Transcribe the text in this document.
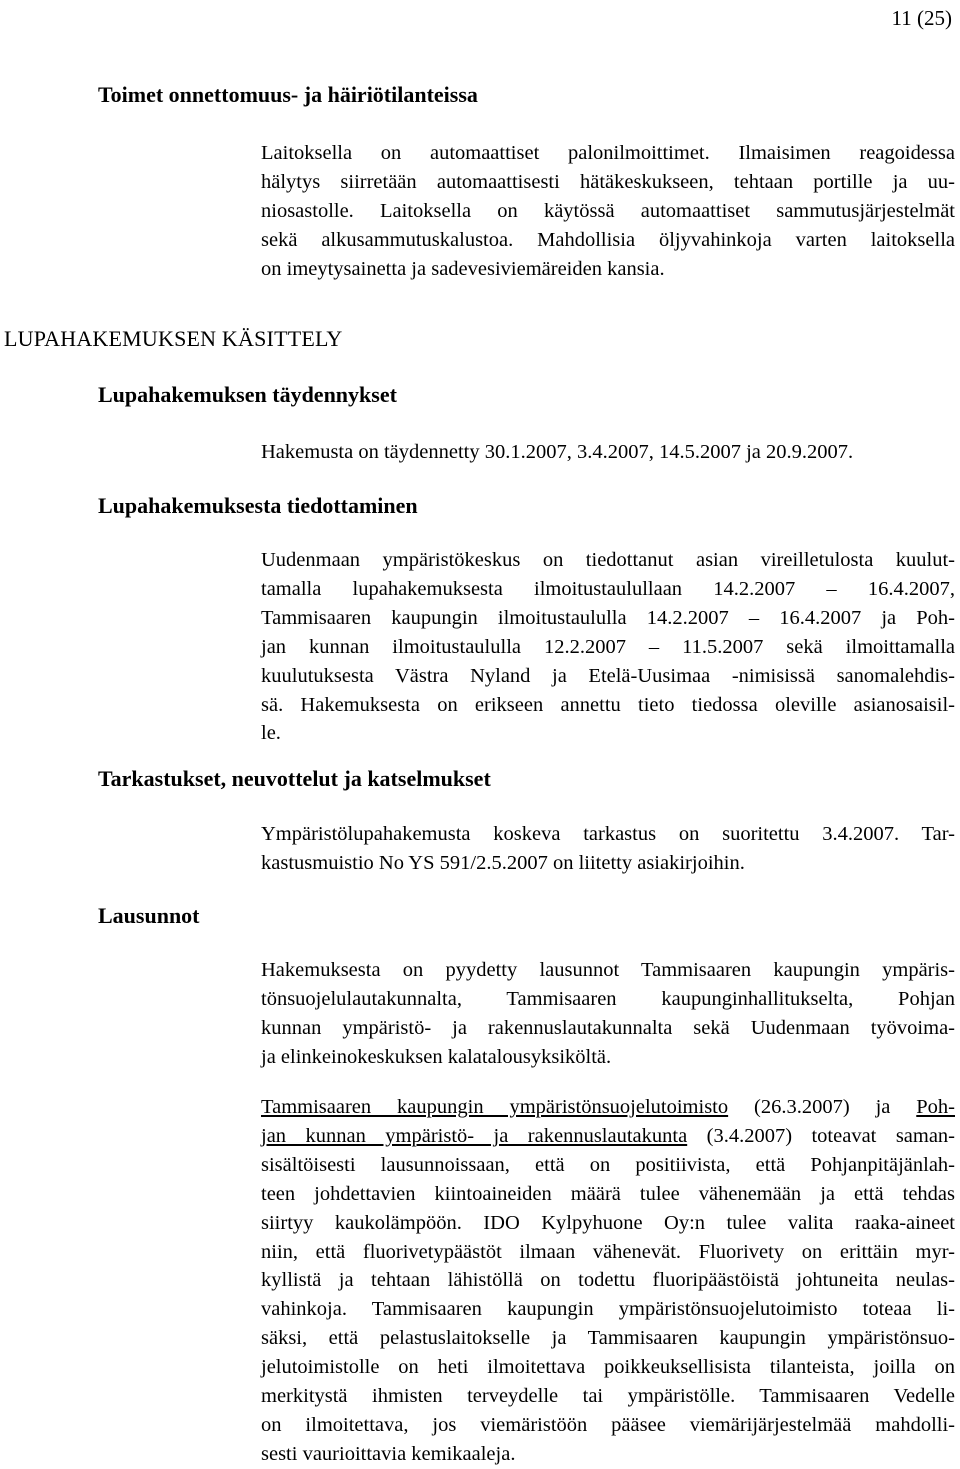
11 (25)
Toimet onnettomuus- ja häiriötilanteissa
Laitoksella on automaattiset palonilmoittimet. Ilmaisimen reagoidessa
hälytys siirretään automaattisesti hätäkeskukseen, tehtaan portille ja uu-
niosastolle. Laitoksella on käytössä automaattiset sammutusjärjestelmät
sekä alkusammutuskalustoa. Mahdollisia öljyvahinkoja varten laitoksella
on imeytysainetta ja sadevesiviemäreiden kansia.
LUPAHAKEMUKSEN KÄSITTELY
Lupahakemuksen täydennykset
Hakemusta on täydennetty 30.1.2007, 3.4.2007, 14.5.2007 ja 20.9.2007.
Lupahakemuksesta tiedottaminen
Uudenmaan ympäristökeskus on tiedottanut asian vireilletulosta kuulut-
tamalla lupahakemuksesta ilmoitustaulullaan 14.2.2007 – 16.4.2007,
Tammisaaren kaupungin ilmoitustaululla 14.2.2007 – 16.4.2007 ja Poh-
jan kunnan ilmoitustaululla 12.2.2007 – 11.5.2007 sekä ilmoittamalla
kuulutuksesta Västra Nyland ja Etelä-Uusimaa -nimisissä sanomalehdis-
sä. Hakemuksesta on erikseen annettu tieto tiedossa oleville asianosaisil-
le.
Tarkastukset, neuvottelut ja katselmukset
Ympäristölupahakemusta koskeva tarkastus on suoritettu 3.4.2007. Tar-
kastusmuistio No YS 591/2.5.2007 on liitetty asiakirjoihin.
Lausunnot
Hakemuksesta on pyydetty lausunnot Tammisaaren kaupungin ympäris-
tönsuojelulautakunnalta, Tammisaaren kaupunginhallitukselta, Pohjan
kunnan ympäristö- ja rakennuslautakunnalta sekä Uudenmaan työvoima-
ja elinkeinokeskuksen kalatalousyksiköltä.
Tammisaaren kaupungin ympäristönsuojelutoimisto (26.3.2007) ja Poh-
jan kunnan ympäristö- ja rakennuslautakunta (3.4.2007) toteavat saman-
sisältöisesti lausunnoissaan, että on positiivista, että Pohjanpitäjänlah-
teen johdettavien kiintoaineiden määrä tulee vähenemään ja että tehdas
siirtyy kaukolämpöön. IDO Kylpyhuone Oy:n tulee valita raaka-aineet
niin, että fluorivetypäästöt ilmaan vähenevät. Fluorivety on erittäin myr-
kyllistä ja tehtaan lähistöllä on todettu fluoripäästöistä johtuneita neulas-
vahinkoja. Tammisaaren kaupungin ympäristönsuojelutoimisto toteaa li-
säksi, että pelastuslaitokselle ja Tammisaaren kaupungin ympäristönsuo-
jelutoimistolle on heti ilmoitettava poikkeuksellisista tilanteista, joilla on
merkitystä ihmisten terveydelle tai ympäristölle. Tammisaaren Vedelle
on ilmoitettava, jos viemäristöön pääsee viemärijärjestelmää mahdolli-
sesti vaurioittavia kemikaaleja.
